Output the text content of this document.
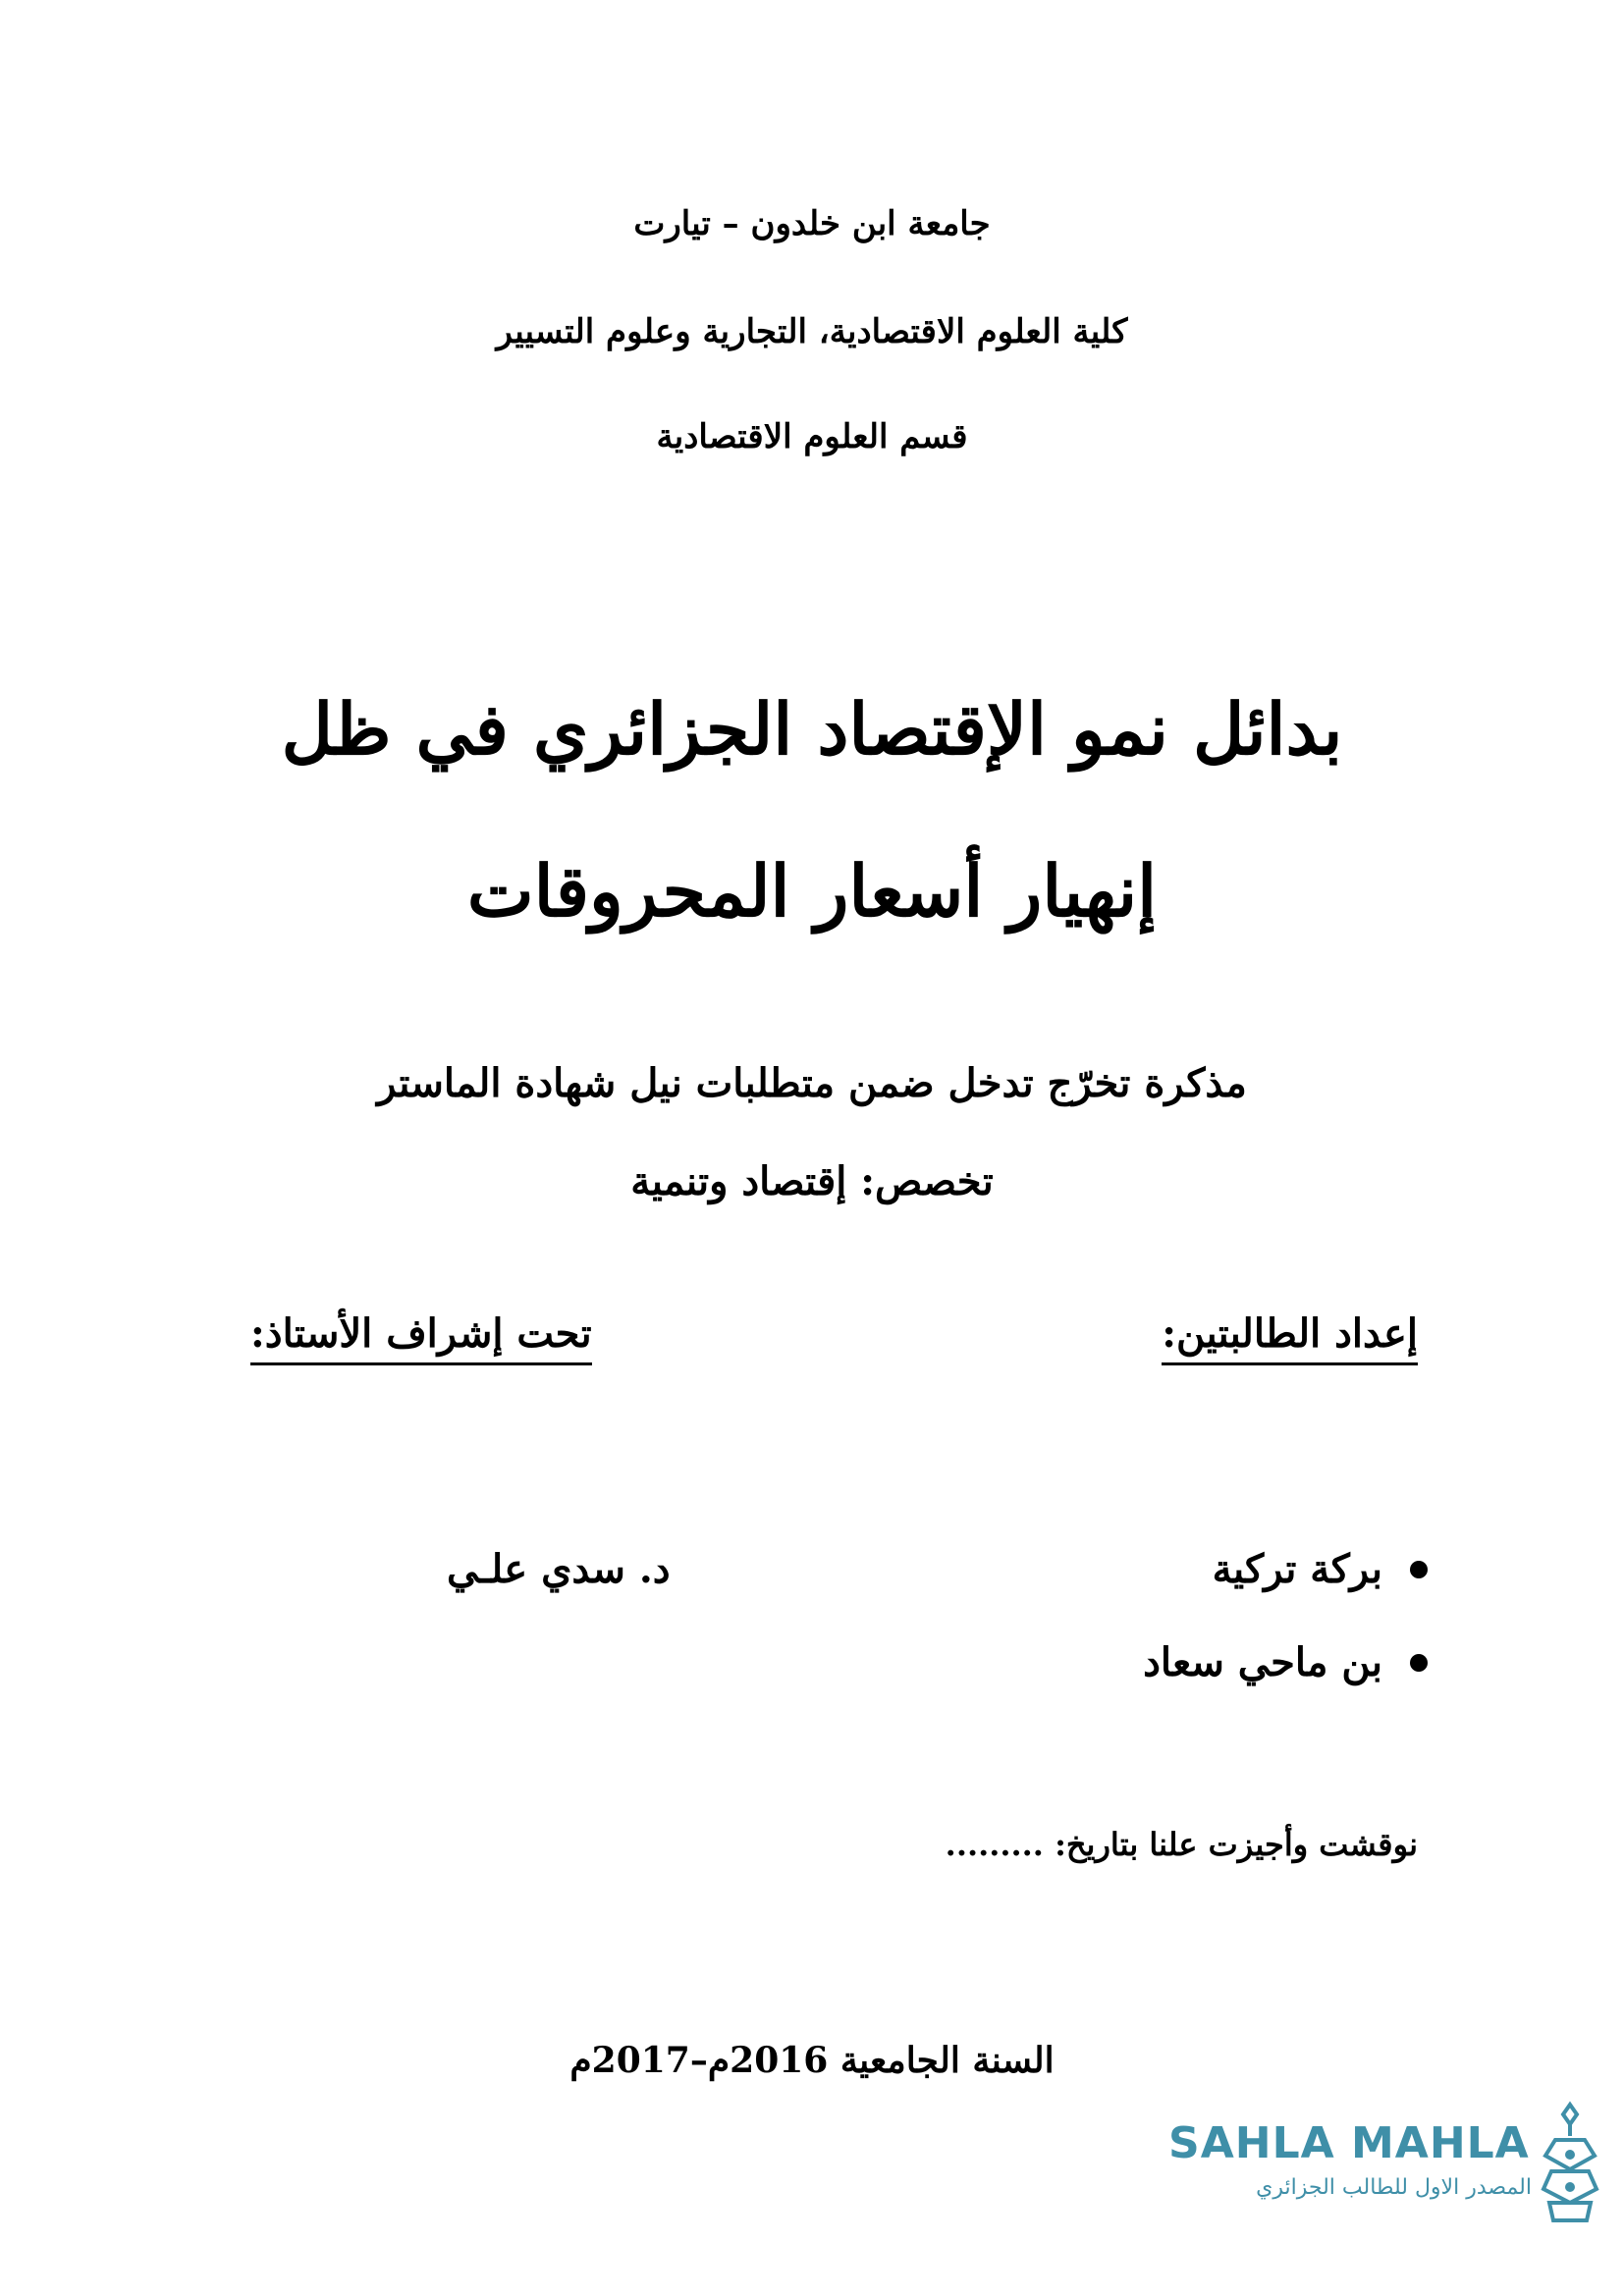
جامعة ابن خلدون – تيارت
كلية العلوم الاقتصادية، التجارية وعلوم التسيير
قسم العلوم الاقتصادية
بدائل نمو الإقتصاد الجزائري في ظل
إنهيار أسعار المحروقات
مذكرة تخرّج تدخل ضمن متطلبات نيل شهادة الماستر
تخصص: إقتصاد وتنمية
إعداد الطالبتين:
تحت إشراف الأستاذ:
بركة تركية
بن ماحي سعاد
د. سدي علـي
نوقشت وأجيزت علنا بتاريخ: .........
السنة الجامعية 2016م–2017م
SAHLA MAHLA
المصدر الاول للطالب الجزائري
